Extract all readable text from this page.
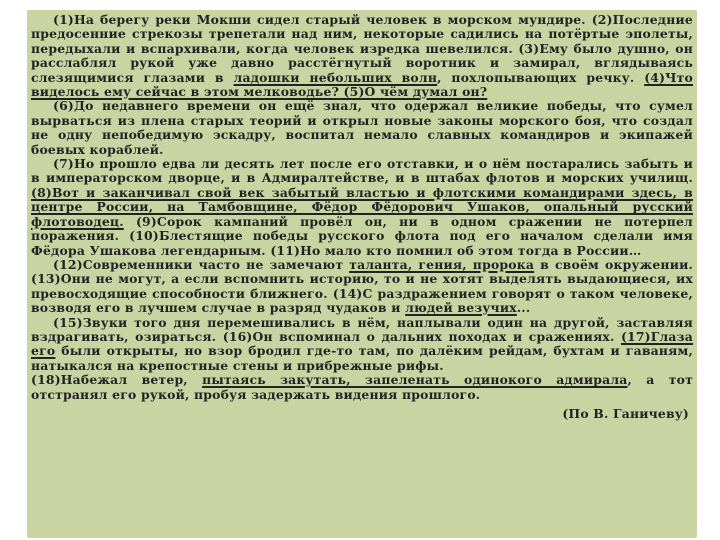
(1)На берегу реки Мокши сидел старый человек в морском мундире. (2)Последние предосенние стрекозы трепетали над ним, некоторые садились на потёртые эполеты, передыхали и вспархивали, когда человек изредка шевелился. (3)Ему было душно, он расслаблял рукой уже давно расстёгнутый воротник и замирал, вглядываясь слезящимися глазами в ладошки небольших волн, похлопывающих речку. (4)Что виделось ему сейчас в этом мелководье? (5)О чём думал он?

(6)До недавнего времени он ещё знал, что одержал великие победы, что сумел вырваться из плена старых теорий и открыл новые законы морского боя, что создал не одну непобедимую эскадру, воспитал немало славных командиров и экипажей боевых кораблей.

(7)Но прошло едва ли десять лет после его отставки, и о нём постарались забыть и в императорском дворце, и в Адмиралтействе, и в штабах флотов и морских училищ. (8)Вот и заканчивал свой век забытый властью и флотскими командирами здесь, в центре России, на Тамбовщине, Фёдор Фёдорович Ушаков, опальный русский флотоводец. (9)Сорок кампаний провёл он, ни в одном сражении не потерпел поражения. (10)Блестящие победы русского флота под его началом сделали имя Фёдора Ушакова легендарным. (11)Но мало кто помнил об этом тогда в России…

(12)Современники часто не замечают таланта, гения, пророка в своём окружении. (13)Они не могут, а если вспомнить историю, то и не хотят выделять выдающиеся, их превосходящие способности ближнего. (14)С раздражением говорят о таком человеке, возводя его в лучшем случае в разряд чудаков и людей везучих...

(15)Звуки того дня перемешивались в нём, наплывали один на другой, заставляя вздрагивать, озираться. (16)Он вспоминал о дальних походах и сражениях. (17)Глаза его были открыты, но взор бродил где-то там, по далёким рейдам, бухтам и гаваням, натыкался на крепостные стены и прибрежные рифы.

(18)Набежал ветер, пытаясь закутать, запеленать одинокого адмирала, а тот отстранял его рукой, пробуя задержать видения прошлого.

(По В. Ганичеву)
